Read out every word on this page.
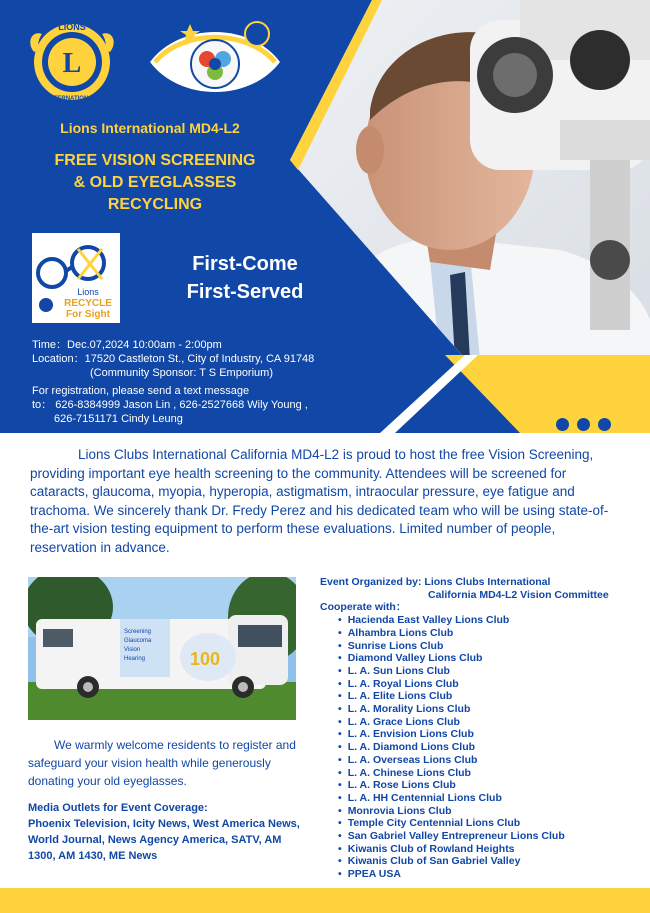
L
LIONS
INTERNATIONAL
Lions International MD4-L2
FREE VISION SCREENING
& OLD EYEGLASSES
RECYCLING
Lions
RECYCLE
For Sight
First-Come
First-Served
Time：Dec.07,2024 10:00am - 2:00pm
Location：17520 Castleton St., City of Industry, CA 91748
(Community Sponsor: T S Emporium)
For registration, please send a text message
to： 626-8384999 Jason Lin , 626-2527668 Wily Young ,
626-7151171 Cindy Leung
Lions Clubs International California MD4-L2 is proud to host the free Vision Screening, providing important eye health screening to the community. Attendees will be screened for cataracts, glaucoma, myopia, hyperopia, astigmatism, intraocular pressure, eye fatigue and trachoma. We sincerely thank Dr. Fredy Perez and his dedicated team who will be using state-of-the-art vision testing equipment to perform these evaluations. Limited number of people, reservation in advance.
Screening
Glaucoma
Vision
Hearing 100
We warmly welcome residents to register and safeguard your vision health while generously donating your old eyeglasses.
Media Outlets for Event Coverage:
Phoenix Television, Icity News, West America News, World Journal, News Agency America, SATV, AM 1300, AM 1430, ME News
Event Organized by: Lions Clubs International
California MD4-L2 Vision Committee
Cooperate with：
• Hacienda East Valley Lions Club
• Alhambra Lions Club
• Sunrise Lions Club
• Diamond Valley Lions Club
• L. A. Sun Lions Club
• L. A. Royal Lions Club
• L. A. Elite Lions Club
• L. A. Morality Lions Club
• L. A. Grace Lions Club
• L. A. Envision Lions Club
• L. A. Diamond Lions Club
• L. A. Overseas Lions Club
• L. A. Chinese Lions Club
• L. A. Rose Lions Club
• L. A. HH Centennial Lions Club
• Monrovia Lions Club
• Temple City Centennial Lions Club
• San Gabriel Valley Entrepreneur Lions Club
• Kiwanis Club of Rowland Heights
• Kiwanis Club of San Gabriel Valley
• PPEA USA
